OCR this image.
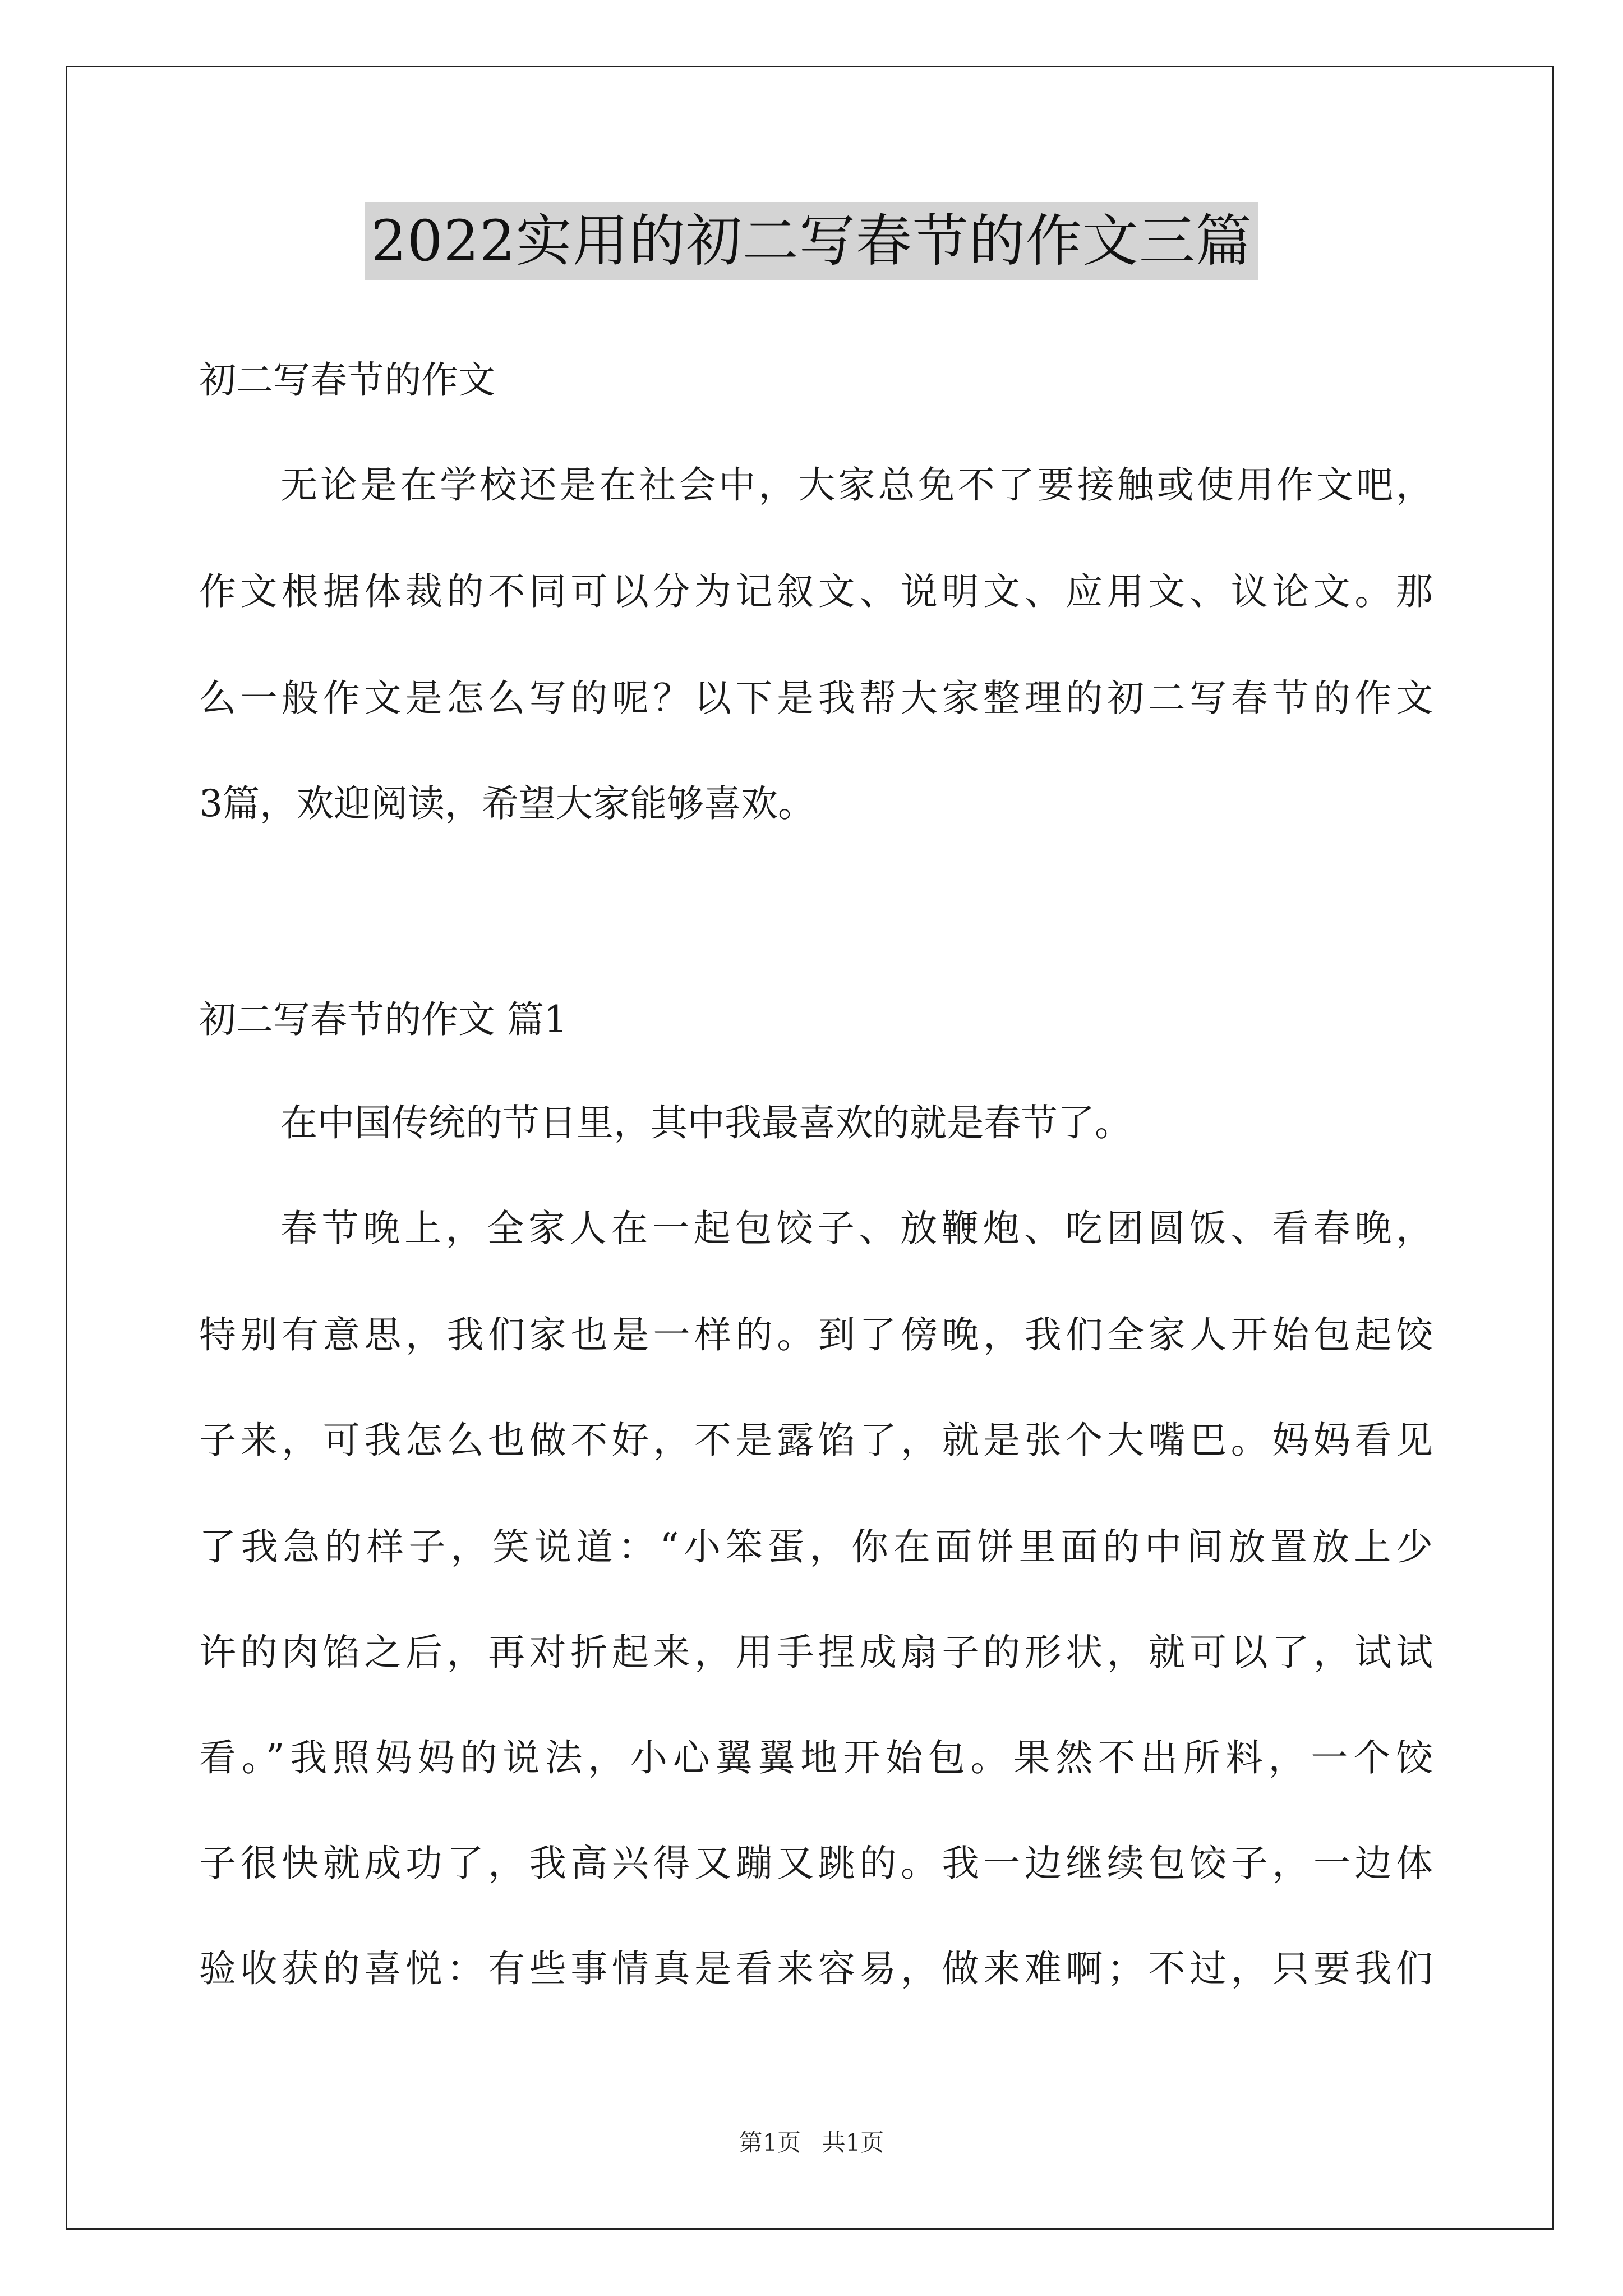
2022实用的初二写春节的作文三篇
初二写春节的作文
无论是在学校还是在社会中，大家总免不了要接触或使用作文吧，
作文根据体裁的不同可以分为记叙文、说明文、应用文、议论文。那
么一般作文是怎么写的呢？以下是我帮大家整理的初二写春节的作文
3篇，欢迎阅读，希望大家能够喜欢。
初二写春节的作文 篇1
在中国传统的节日里，其中我最喜欢的就是春节了。
春节晚上，全家人在一起包饺子、放鞭炮、吃团圆饭、看春晚，
特别有意思，我们家也是一样的。到了傍晚，我们全家人开始包起饺
子来，可我怎么也做不好，不是露馅了，就是张个大嘴巴。妈妈看见
了我急的样子，笑说道：“小笨蛋，你在面饼里面的中间放置放上少
许的肉馅之后，再对折起来，用手捏成扇子的形状，就可以了，试试
看。”我照妈妈的说法，小心翼翼地开始包。果然不出所料，一个饺
子很快就成功了，我高兴得又蹦又跳的。我一边继续包饺子，一边体
验收获的喜悦：有些事情真是看来容易，做来难啊；不过，只要我们
第1页 共1页
